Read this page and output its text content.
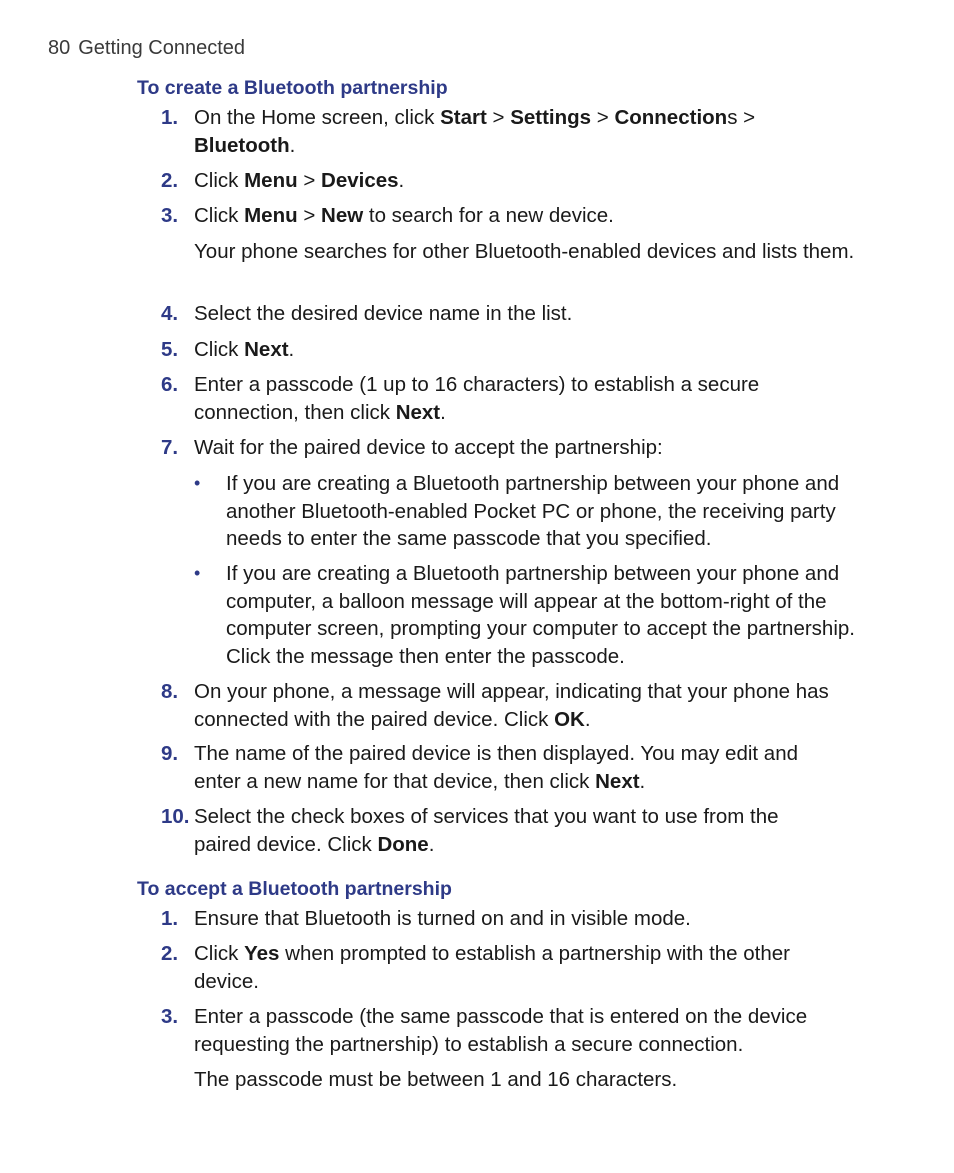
80 Getting Connected
To create a Bluetooth partnership
1. On the Home screen, click Start > Settings > Connections >
Bluetooth.
2. Click Menu > Devices.
3. Click Menu > New to search for a new device.
Your phone searches for other Bluetooth-enabled devices and lists them.
4. Select the desired device name in the list.
5. Click Next.
6. Enter a passcode (1 up to 16 characters) to establish a secure connection, then click Next.
7. Wait for the paired device to accept the partnership:
• If you are creating a Bluetooth partnership between your phone and another Bluetooth-enabled Pocket PC or phone, the receiving party needs to enter the same passcode that you specified.
• If you are creating a Bluetooth partnership between your phone and computer, a balloon message will appear at the bottom-right of the computer screen, prompting your computer to accept the partnership. Click the message then enter the passcode.
8. On your phone, a message will appear, indicating that your phone has connected with the paired device. Click OK.
9. The name of the paired device is then displayed. You may edit and enter a new name for that device, then click Next.
10. Select the check boxes of services that you want to use from the paired device. Click Done.
To accept a Bluetooth partnership
1. Ensure that Bluetooth is turned on and in visible mode.
2. Click Yes when prompted to establish a partnership with the other device.
3. Enter a passcode (the same passcode that is entered on the device requesting the partnership) to establish a secure connection.
The passcode must be between 1 and 16 characters.
